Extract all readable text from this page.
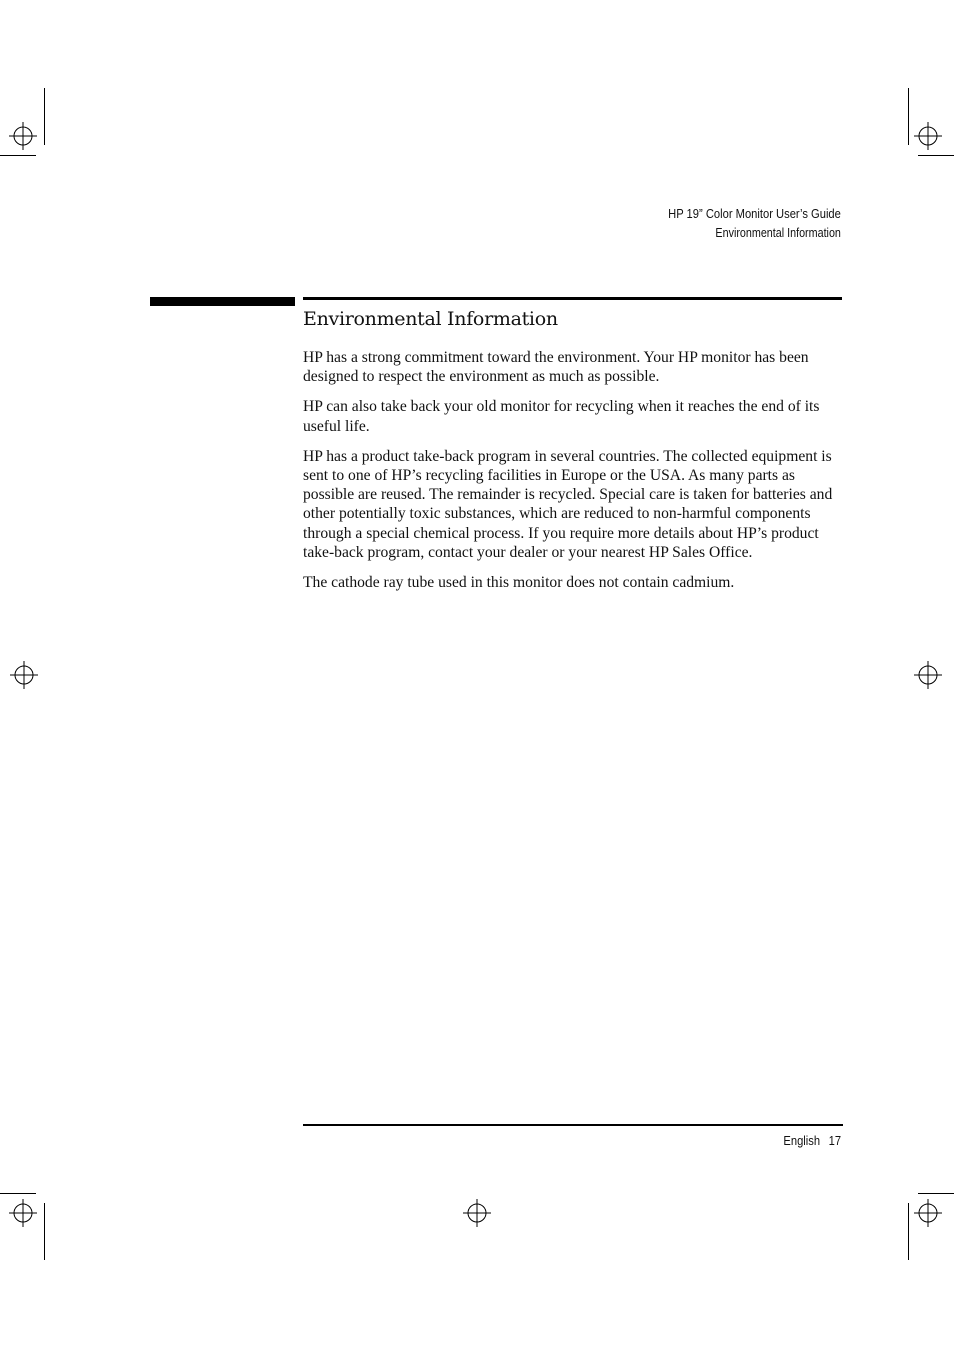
HP 19” Color Monitor User’s Guide
Environmental Information
Environmental Information

HP has a strong commitment toward the environment. Your HP monitor has been designed to respect the environment as much as possible.

HP can also take back your old monitor for recycling when it reaches the end of its useful life.

HP has a product take-back program in several countries. The collected equipment is sent to one of HP’s recycling facilities in Europe or the USA. As many parts as possible are reused. The remainder is recycled. Special care is taken for batteries and other potentially toxic substances, which are reduced to non-harmful components through a special chemical process. If you require more details about HP’s product take-back program, contact your dealer or your nearest HP Sales Office.

The cathode ray tube used in this monitor does not contain cadmium.

English 17
